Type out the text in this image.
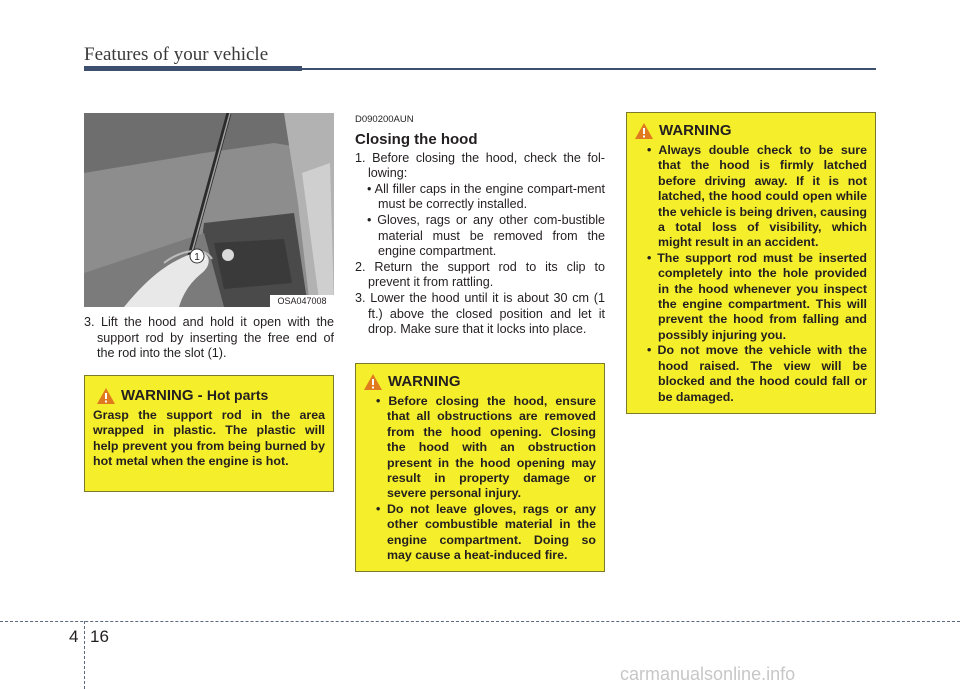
Features of your vehicle
1
OSA047008

3. Lift the hood and hold it open with the support rod by inserting the free end of the rod into the slot (1).

WARNING -
Hot parts

Grasp the support rod in the area wrapped in plastic. The plastic will help prevent you from being burned by hot metal when the engine is hot.

D090200AUN

Closing the hood

1. Before closing the hood, check the fol-lowing:

• All filler caps in the engine compart-ment must be correctly installed.

• Gloves, rags or any other com-bustible material must be removed from the engine compartment.

2. Return the support rod to its clip to prevent it from rattling.

3. Lower the hood until it is about 30 cm (1 ft.) above the closed position and let it drop. Make sure that it locks into place.

WARNING

• Before closing the hood, ensure that all obstructions are removed from the hood opening. Closing the hood with an obstruction present in the hood opening may result in property damage or severe personal injury.

• Do not leave gloves, rags or any other combustible material in the engine compartment. Doing so may cause a heat-induced fire.

WARNING

• Always double check to be sure that the hood is firmly latched before driving away. If it is not latched, the hood could open while the vehicle is being driven, causing a total loss of visibility, which might result in an accident.

• The support rod must be inserted completely into the hole provided in the hood whenever you inspect the engine compartment. This will prevent the hood from falling and possibly injuring you.

• Do not move the vehicle with the hood raised. The view will be blocked and the hood could fall or be damaged.

4 16
carmanualsonline.info
